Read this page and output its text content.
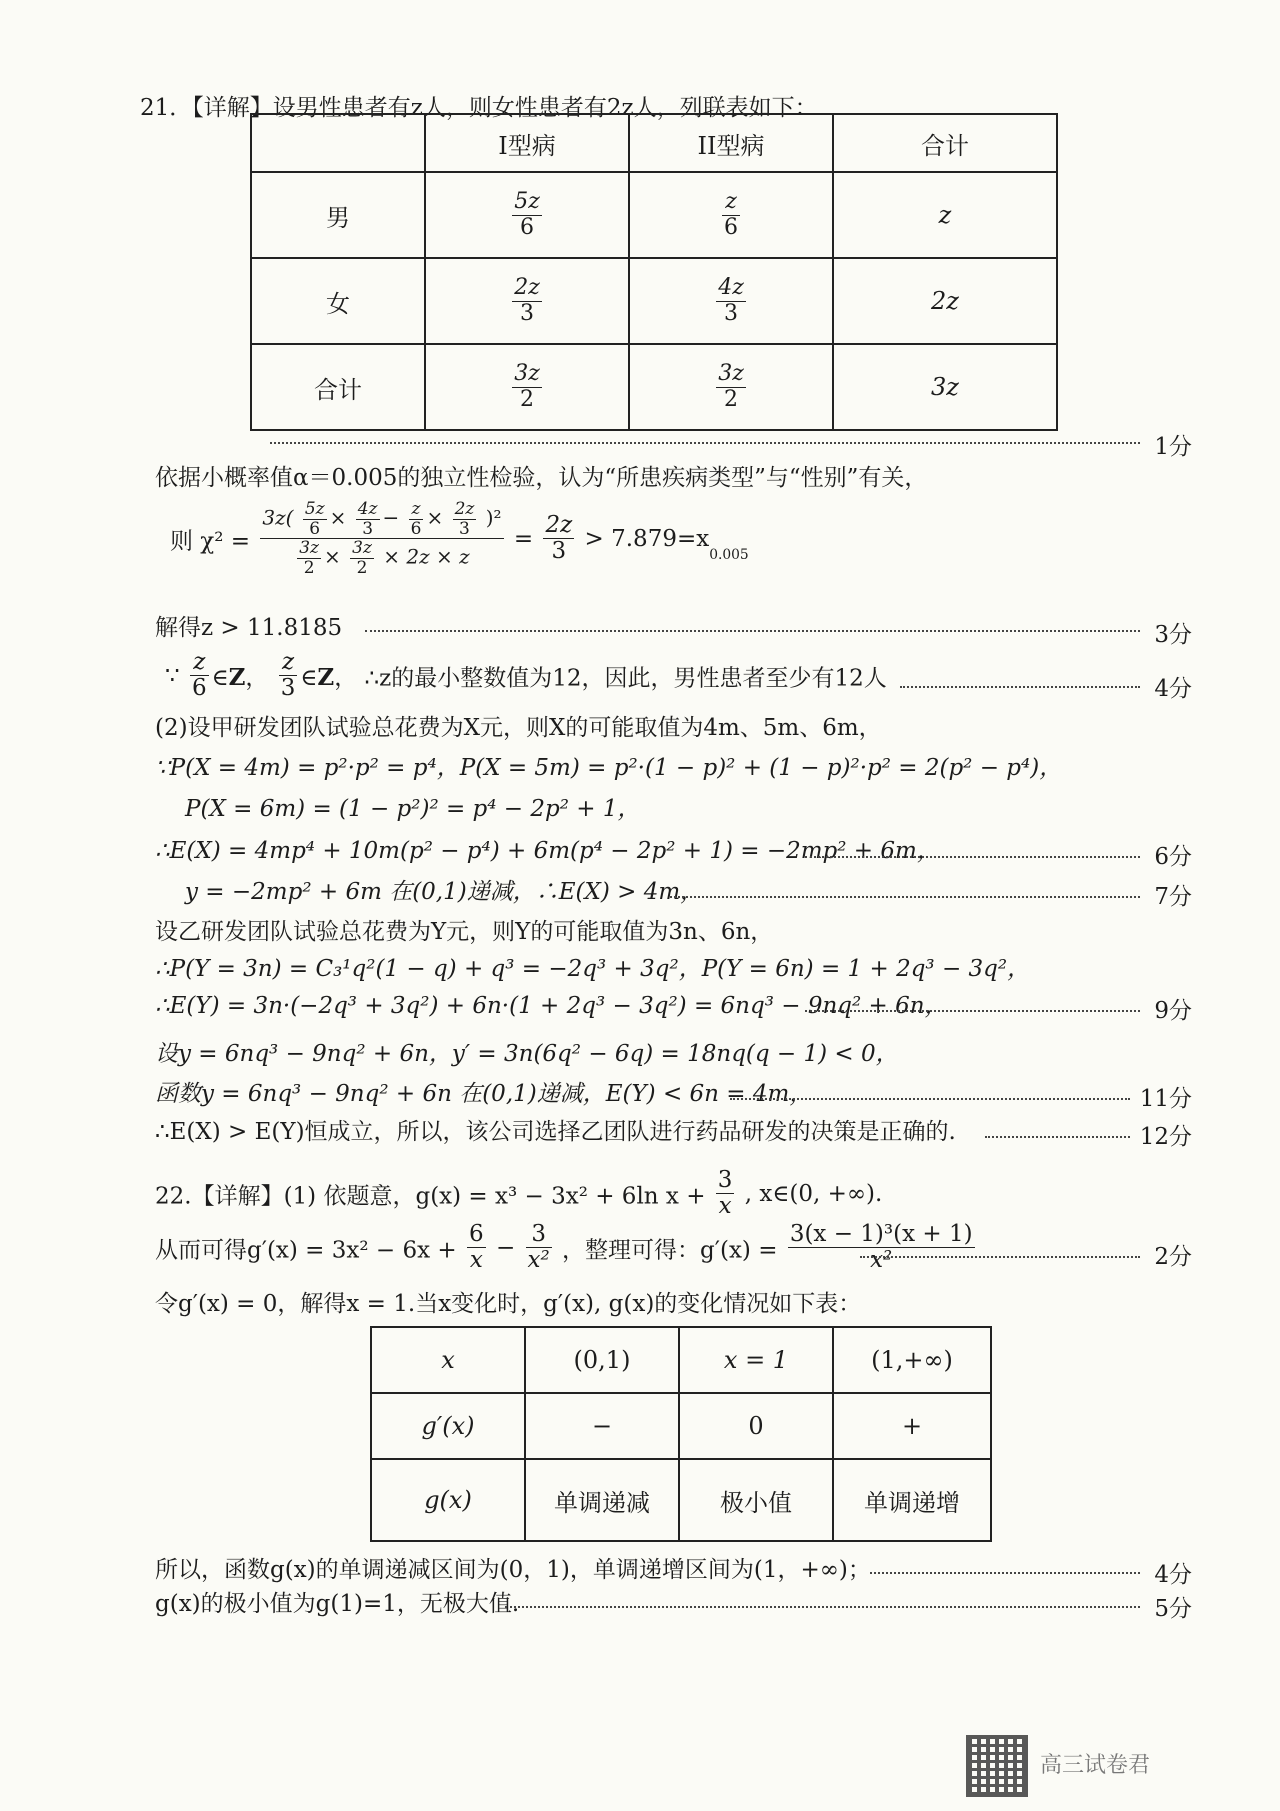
21．【详解】设男性患者有z人，则女性患者有2z人，列联表如下：
	I型病	II型病	合计
男	$\frac{5z}{6}$	$\frac{z}{6}$	z
女	$\frac{2z}{3}$	$\frac{4z}{3}$	2z
合计	$\frac{3z}{2}$	$\frac{3z}{2}$	3z
1分
依据小概率值α＝0.005的独立性检验，认为“所患疾病类型”与“性别”有关，
则 χ² =
$3z( \frac{5z}{6} \times \frac{4z}{3} - \frac{z}{6} \times \frac{2z}{3} )^2$
$\frac{3z}{2} \times \frac{3z}{2} \times 2z \times z$
= $\frac{2z}{3} > 7.879=x_{0.005}$
解得z > 11.8185	3分
∵ $\frac{z}{6}$ ∈Z， $\frac{z}{3}$ ∈Z， ∴z的最小整数值为12，因此，男性患者至少有12人	4分
(2)设甲研发团队试验总花费为X元，则X的可能取值为4m、5m、6m，
∵P(X = 4m) = p²·p² = p⁴，P(X = 5m) = p²·(1 − p)² + (1 − p)²·p² = 2(p² − p⁴)，
P(X = 6m) = (1 − p²)² = p⁴ − 2p² + 1，
∴E(X) = 4mp⁴ + 10m(p² − p⁴) + 6m(p⁴ − 2p² + 1) = −2mp² + 6m，	6分
y = −2mp² + 6m 在(0,1)递减，∴E(X) > 4m，	7分
设乙研发团队试验总花费为Y元，则Y的可能取值为3n、6n，
∴P(Y = 3n) = C₃¹q²(1 − q) + q³ = −2q³ + 3q²，P(Y = 6n) = 1 + 2q³ − 3q²，
∴E(Y) = 3n·(−2q³ + 3q²) + 6n·(1 + 2q³ − 3q²) = 6nq³ − 9nq² + 6n，	9分
设y = 6nq³ − 9nq² + 6n，y′ = 3n(6q² − 6q) = 18nq(q − 1) < 0，
函数y = 6nq³ − 9nq² + 6n 在(0,1)递减，E(Y) < 6n = 4m，	11分
∴E(X) > E(Y)恒成立，所以，该公司选择乙团队进行药品研发的决策是正确的.	12分
22.【详解】(1) 依题意，g(x) = x³ − 3x² + 6ln $x + \frac{3}{x}$ , x∈(0, +∞).
从而可得$g'(x) = 3x^2 - 6x + \frac{6}{x} - \frac{3}{\text{x²}}$ ，整理可得：$g'(x) = \frac{\text{3(x − 1)³(x + 1)}}{\text{x²}}$	2分
令g′(x) = 0，解得x = 1.当x变化时，g′(x), g(x)的变化情况如下表：
x	(0,1)	x = 1	(1,+∞)
g′(x)	−	0	+
g(x)	单调递减	极小值	单调递增
所以，函数g(x)的单调递减区间为(0，1)，单调递增区间为(1，+∞)；	4分
g(x)的极小值为g(1)=1，无极大值.	5分
高三试卷君
